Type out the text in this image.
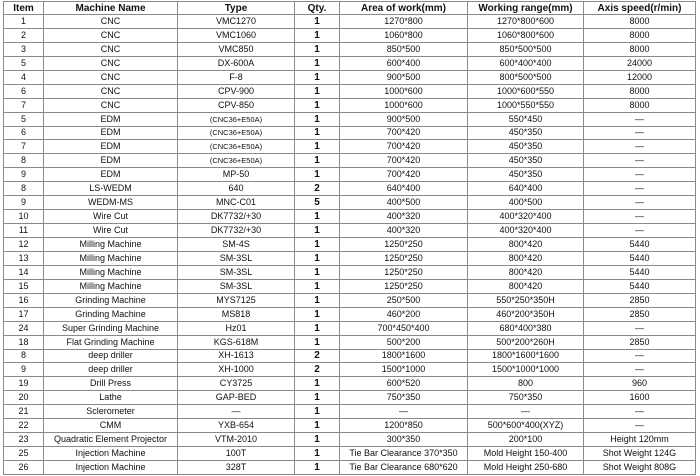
Item	Machine Name	Type	Qty.	Area of work(mm)	Working range(mm)	Axis speed(r/min)
1	CNC	VMC1270	1	1270*800	1270*800*600	8000
2	CNC	VMC1060	1	1060*800	1060*800*600	8000
3	CNC	VMC850	1	850*500	850*500*500	8000
5	CNC	DX-600A	1	600*400	600*400*400	24000
4	CNC	F-8	1	900*500	800*500*500	12000
6	CNC	CPV-900	1	1000*600	1000*600*550	8000
7	CNC	CPV-850	1	1000*600	1000*550*550	8000
5	EDM	(CNC36+E50A)	1	900*500	550*450	—
6	EDM	(CNC36+E50A)	1	700*420	450*350	—
7	EDM	(CNC36+E50A)	1	700*420	450*350	—
8	EDM	(CNC36+E50A)	1	700*420	450*350	—
9	EDM	MP-50	1	700*420	450*350	—
8	LS-WEDM	640	2	640*400	640*400	—
9	WEDM-MS	MNC-C01	5	400*500	400*500	—
10	Wire Cut	DK7732/+30	1	400*320	400*320*400	—
11	Wire Cut	DK7732/+30	1	400*320	400*320*400	—
12	Milling Machine	SM-4S	1	1250*250	800*420	5440
13	Milling Machine	SM-3SL	1	1250*250	800*420	5440
14	Milling Machine	SM-3SL	1	1250*250	800*420	5440
15	Milling Machine	SM-3SL	1	1250*250	800*420	5440
16	Grinding Machine	MYS7125	1	250*500	550*250*350H	2850
17	Grinding Machine	MS818	1	460*200	460*200*350H	2850
24	Super Grinding Machine	Hz01	1	700*450*400	680*400*380	—
18	Flat Grinding Machine	KGS-618M	1	500*200	500*200*260H	2850
8	deep driller	XH-1613	2	1800*1600	1800*1600*1600	—
9	deep driller	XH-1000	2	1500*1000	1500*1000*1000	—
19	Drill Press	CY3725	1	600*520	800	960
20	Lathe	GAP-BED	1	750*350	750*350	1600
21	Sclerometer	—	1	—	—	—
22	CMM	YXB-654	1	1200*850	500*600*400(XYZ)	—
23	Quadratic Element Projector	VTM-2010	1	300*350	200*100	Height 120mm
25	Injection Machine	100T	1	Tie Bar Clearance 370*350	Mold Height 150-400	Shot Weight 124G
26	Injection Machine	328T	1	Tie Bar Clearance 680*620	Mold Height 250-680	Shot Weight 808G
